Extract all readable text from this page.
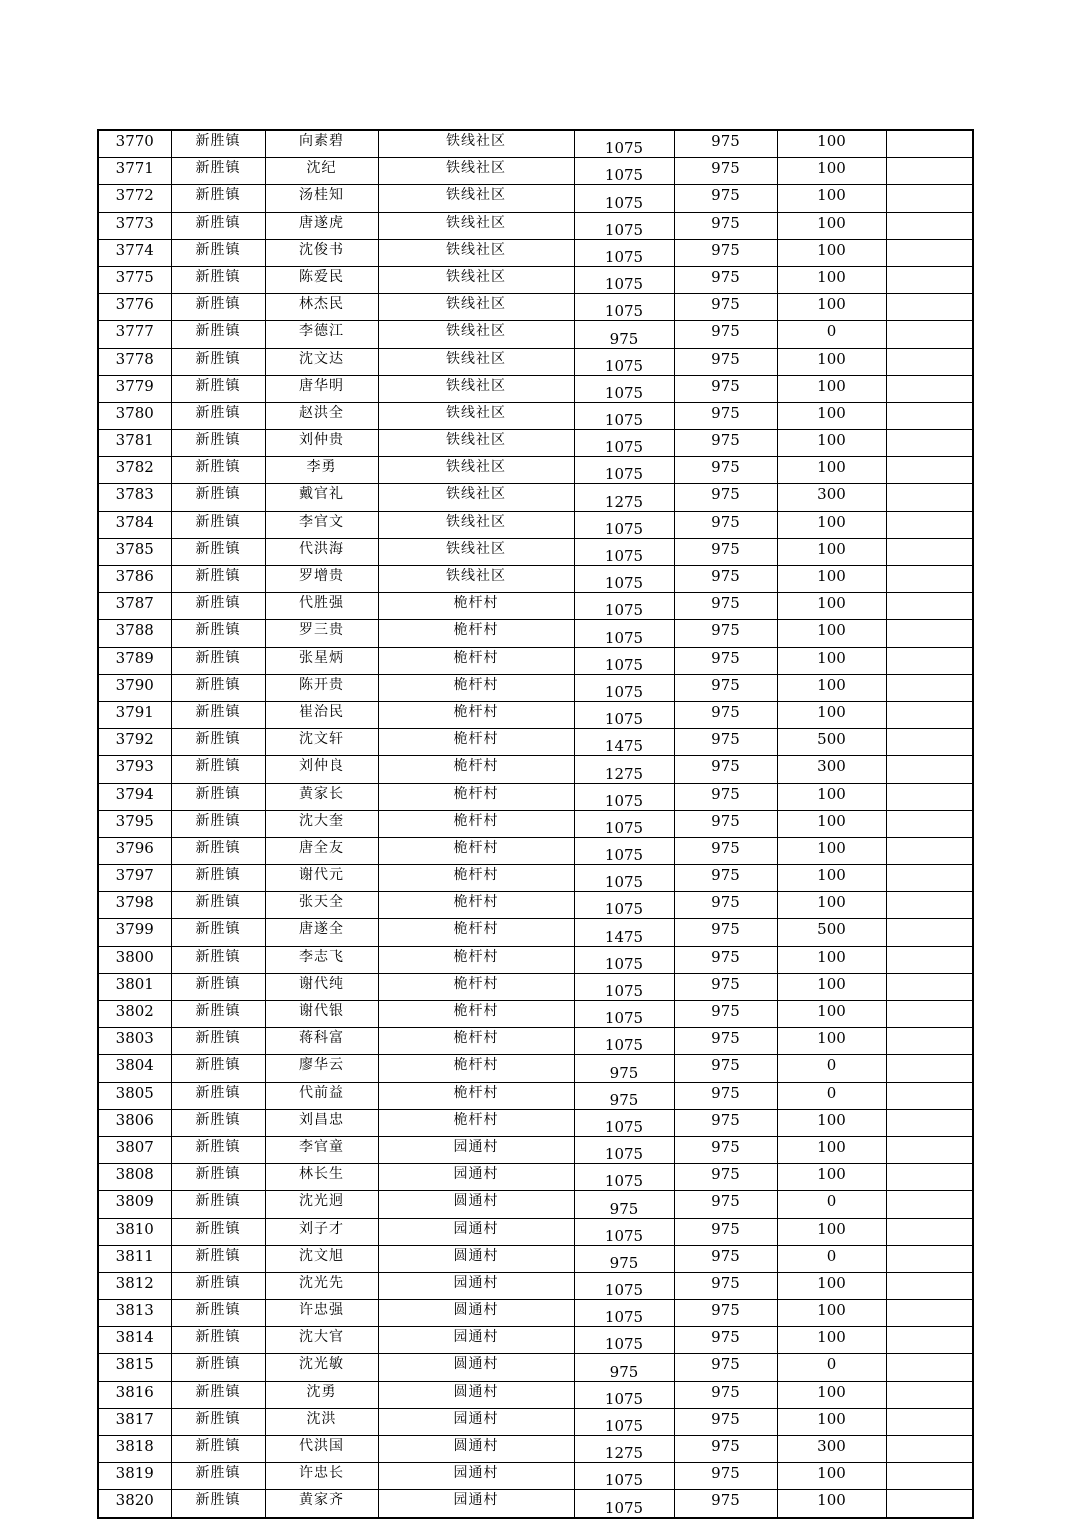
3770	新胜镇	向素碧	铁线社区	1075	975	100	
3771	新胜镇	沈纪	铁线社区	1075	975	100	
3772	新胜镇	汤桂知	铁线社区	1075	975	100	
3773	新胜镇	唐遂虎	铁线社区	1075	975	100	
3774	新胜镇	沈俊书	铁线社区	1075	975	100	
3775	新胜镇	陈爱民	铁线社区	1075	975	100	
3776	新胜镇	林杰民	铁线社区	1075	975	100	
3777	新胜镇	李德江	铁线社区	975	975	0	
3778	新胜镇	沈文达	铁线社区	1075	975	100	
3779	新胜镇	唐华明	铁线社区	1075	975	100	
3780	新胜镇	赵洪全	铁线社区	1075	975	100	
3781	新胜镇	刘仲贵	铁线社区	1075	975	100	
3782	新胜镇	李勇	铁线社区	1075	975	100	
3783	新胜镇	戴官礼	铁线社区	1275	975	300	
3784	新胜镇	李官文	铁线社区	1075	975	100	
3785	新胜镇	代洪海	铁线社区	1075	975	100	
3786	新胜镇	罗增贵	铁线社区	1075	975	100	
3787	新胜镇	代胜强	桅杆村	1075	975	100	
3788	新胜镇	罗三贵	桅杆村	1075	975	100	
3789	新胜镇	张星炳	桅杆村	1075	975	100	
3790	新胜镇	陈开贵	桅杆村	1075	975	100	
3791	新胜镇	崔治民	桅杆村	1075	975	100	
3792	新胜镇	沈文轩	桅杆村	1475	975	500	
3793	新胜镇	刘仲良	桅杆村	1275	975	300	
3794	新胜镇	黄家长	桅杆村	1075	975	100	
3795	新胜镇	沈大奎	桅杆村	1075	975	100	
3796	新胜镇	唐全友	桅杆村	1075	975	100	
3797	新胜镇	谢代元	桅杆村	1075	975	100	
3798	新胜镇	张天全	桅杆村	1075	975	100	
3799	新胜镇	唐遂全	桅杆村	1475	975	500	
3800	新胜镇	李志飞	桅杆村	1075	975	100	
3801	新胜镇	谢代纯	桅杆村	1075	975	100	
3802	新胜镇	谢代银	桅杆村	1075	975	100	
3803	新胜镇	蒋科富	桅杆村	1075	975	100	
3804	新胜镇	廖华云	桅杆村	975	975	0	
3805	新胜镇	代前益	桅杆村	975	975	0	
3806	新胜镇	刘昌忠	桅杆村	1075	975	100	
3807	新胜镇	李官童	园通村	1075	975	100	
3808	新胜镇	林长生	园通村	1075	975	100	
3809	新胜镇	沈光迥	圆通村	975	975	0	
3810	新胜镇	刘子才	园通村	1075	975	100	
3811	新胜镇	沈文旭	圆通村	975	975	0	
3812	新胜镇	沈光先	园通村	1075	975	100	
3813	新胜镇	许忠强	圆通村	1075	975	100	
3814	新胜镇	沈大官	园通村	1075	975	100	
3815	新胜镇	沈光敏	圆通村	975	975	0	
3816	新胜镇	沈勇	圆通村	1075	975	100	
3817	新胜镇	沈洪	园通村	1075	975	100	
3818	新胜镇	代洪国	圆通村	1275	975	300	
3819	新胜镇	许忠长	园通村	1075	975	100	
3820	新胜镇	黄家齐	园通村	1075	975	100	
